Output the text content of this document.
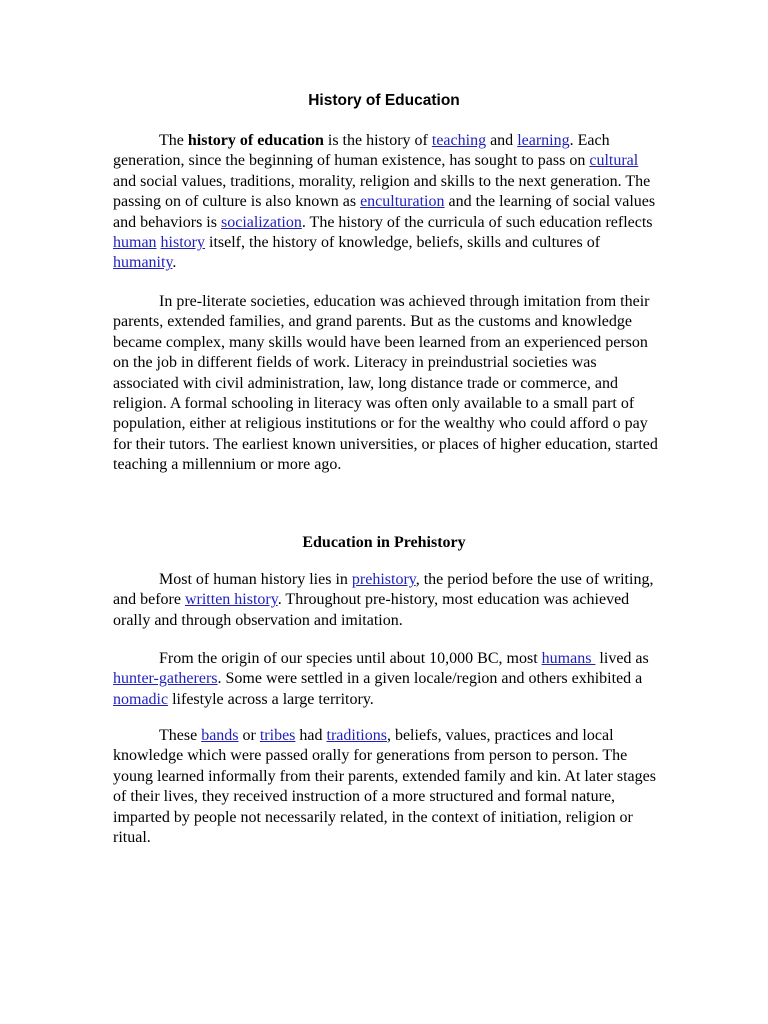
History of Education

The history of education is the history of teaching and learning. Each generation, since the beginning of human existence, has sought to pass on cultural and social values, traditions, morality, religion and skills to the next generation. The passing on of culture is also known as enculturation and the learning of social values and behaviors is socialization. The history of the curricula of such education reflects human history itself, the history of knowledge, beliefs, skills and cultures of humanity.

In pre-literate societies, education was achieved through imitation from their parents, extended families, and grand parents. But as the customs and knowledge became complex, many skills would have been learned from an experienced person on the job in different fields of work. Literacy in preindustrial societies was associated with civil administration, law, long distance trade or commerce, and religion. A formal schooling in literacy was often only available to a small part of population, either at religious institutions or for the wealthy who could afford o pay for their tutors. The earliest known universities, or places of higher education, started teaching a millennium or more ago.

Education in Prehistory

Most of human history lies in prehistory, the period before the use of writing, and before written history. Throughout pre-history, most education was achieved orally and through observation and imitation.

From the origin of our species until about 10,000 BC, most humans  lived as hunter-gatherers. Some were settled in a given locale/region and others exhibited a nomadic lifestyle across a large territory.

These bands or tribes had traditions, beliefs, values, practices and local knowledge which were passed orally for generations from person to person. The young learned informally from their parents, extended family and kin. At later stages of their lives, they received instruction of a more structured and formal nature, imparted by people not necessarily related, in the context of initiation, religion or ritual.
